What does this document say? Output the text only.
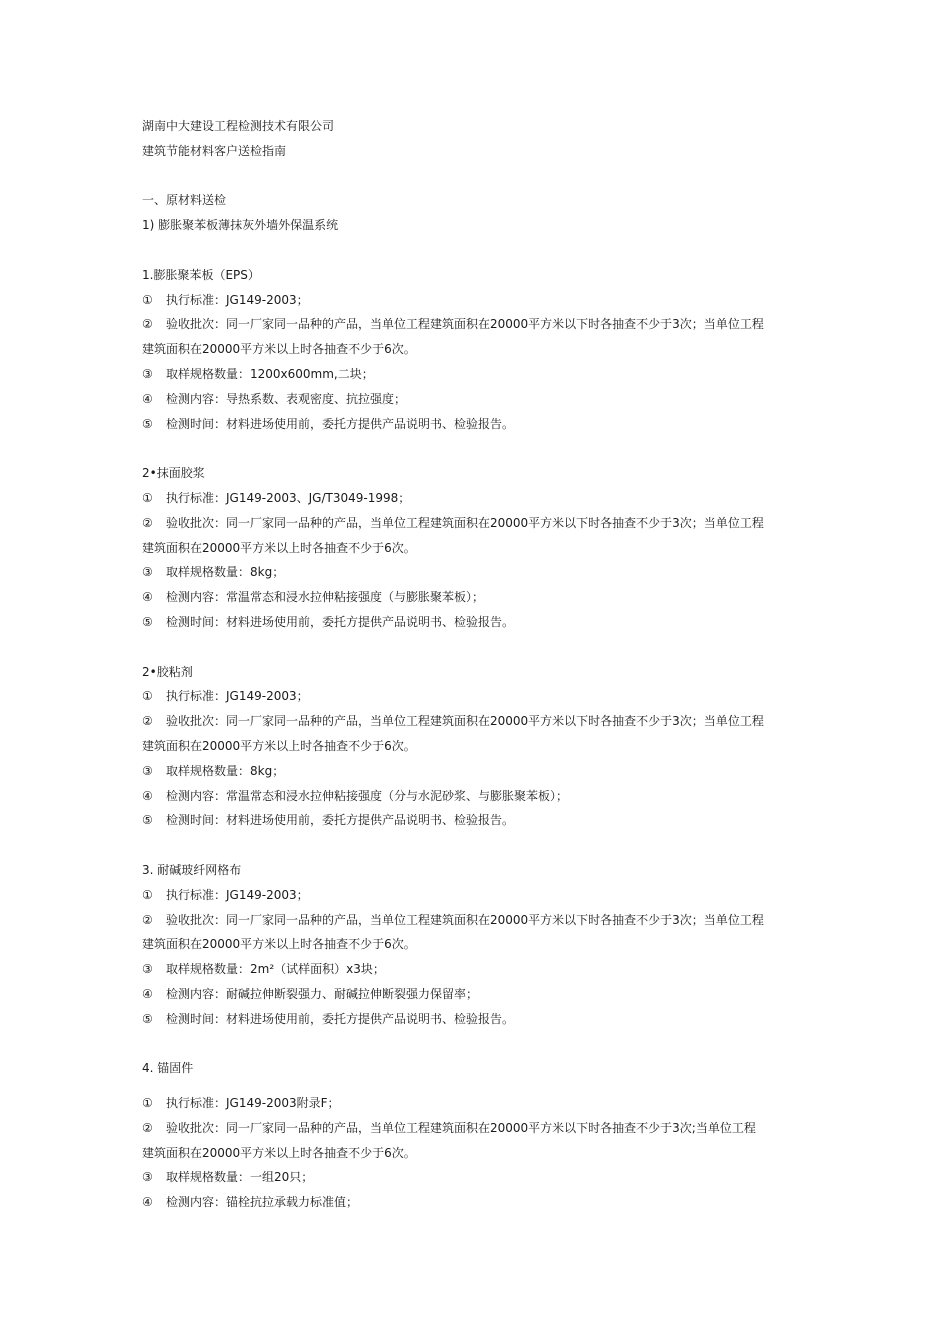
湖南中大建设工程检测技术有限公司
建筑节能材料客户送检指南
一、原材料送检
1) 膨胀聚苯板薄抹灰外墙外保温系统
1.膨胀聚苯板（EPS）
① 执行标准：JG149-2003；
② 验收批次：同一厂家同一品种的产品，当单位工程建筑面积在20000平方米以下时各抽查不少于3次；当单位工程
建筑面积在20000平方米以上时各抽查不少于6次。
③ 取样规格数量：1200x600mm,二块；
④ 检测内容：导热系数、表观密度、抗拉强度；
⑤ 检测时间：材料进场使用前，委托方提供产品说明书、检验报告。
2•抹面胶浆
① 执行标准：JG149-2003、JG/T3049-1998；
② 验收批次：同一厂家同一品种的产品，当单位工程建筑面积在20000平方米以下时各抽查不少于3次；当单位工程
建筑面积在20000平方米以上时各抽查不少于6次。
③ 取样规格数量：8kg；
④ 检测内容：常温常态和浸水拉伸粘接强度（与膨胀聚苯板）；
⑤ 检测时间：材料进场使用前，委托方提供产品说明书、检验报告。
2•胶粘剂
① 执行标准：JG149-2003；
② 验收批次：同一厂家同一品种的产品，当单位工程建筑面积在20000平方米以下时各抽查不少于3次；当单位工程
建筑面积在20000平方米以上时各抽查不少于6次。
③ 取样规格数量：8kg；
④ 检测内容：常温常态和浸水拉伸粘接强度（分与水泥砂浆、与膨胀聚苯板）；
⑤ 检测时间：材料进场使用前，委托方提供产品说明书、检验报告。
3. 耐碱玻纤网格布
① 执行标准：JG149-2003；
② 验收批次：同一厂家同一品种的产品，当单位工程建筑面积在20000平方米以下时各抽查不少于3次；当单位工程
建筑面积在20000平方米以上时各抽查不少于6次。
③ 取样规格数量：2m²（试样面积）x3块；
④ 检测内容：耐碱拉伸断裂强力、耐碱拉伸断裂强力保留率；
⑤ 检测时间：材料进场使用前，委托方提供产品说明书、检验报告。
4. 锚固件
① 执行标准：JG149-2003附录F；
② 验收批次：同一厂家同一品种的产品，当单位工程建筑面积在20000平方米以下时各抽查不少于3次;当单位工程
建筑面积在20000平方米以上时各抽查不少于6次。
③ 取样规格数量：一组20只；
④ 检测内容：锚栓抗拉承载力标准值；
